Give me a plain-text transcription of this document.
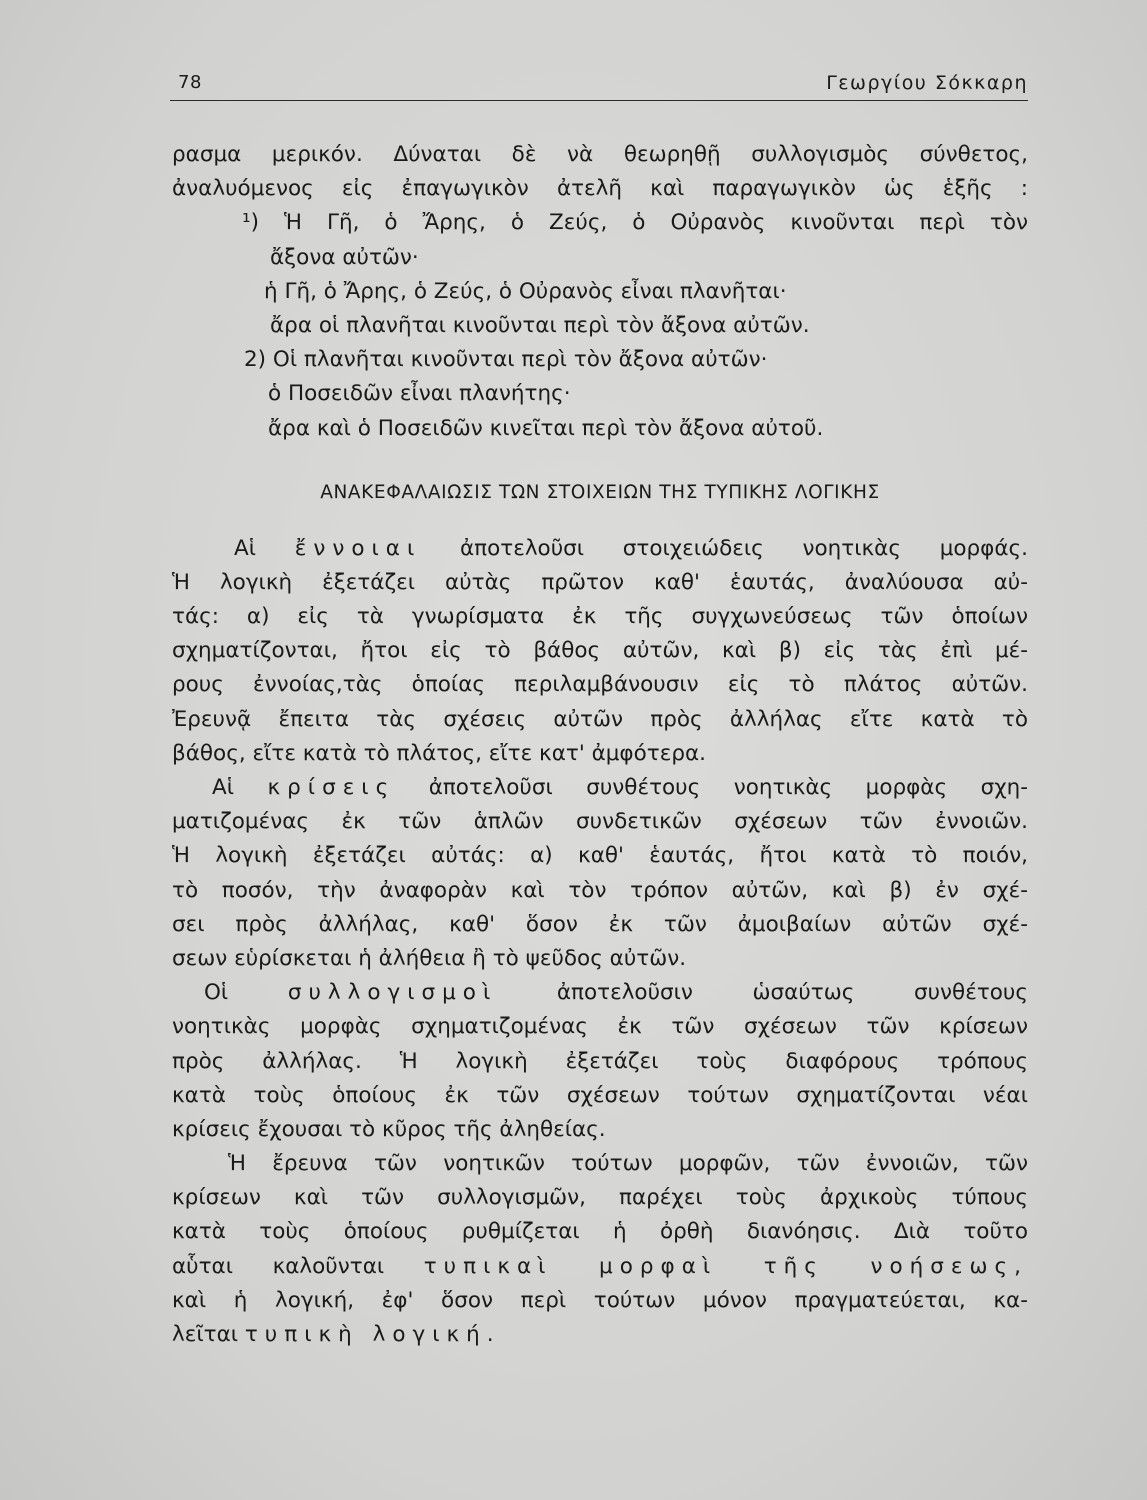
78	Γεωργίου Σόκκαρη
ρασμα μερικόν. Δύναται δὲ νὰ θεωρηθῇ συλλογισμὸς σύνθετος,
ἀναλυόμενος εἰς ἐπαγωγικὸν ἀτελῆ καὶ παραγωγικὸν ὡς ἑξῆς :
¹) Ἡ Γῆ, ὁ Ἄρης, ὁ Ζεύς, ὁ Οὐρανὸς κινοῦνται περὶ τὸν
ἄξονα αὐτῶν·
ἡ Γῆ, ὁ Ἄρης, ὁ Ζεύς, ὁ Οὐρανὸς εἶναι πλανῆται·
ἄρα οἱ πλανῆται κινοῦνται περὶ τὸν ἄξονα αὐτῶν.
2) Οἱ πλανῆται κινοῦνται περὶ τὸν ἄξονα αὐτῶν·
ὁ Ποσειδῶν εἶναι πλανήτης·
ἄρα καὶ ὁ Ποσειδῶν κινεῖται περὶ τὸν ἄξονα αὐτοῦ.
ΑΝΑΚΕΦΑΛΑΙΩΣΙΣ ΤΩΝ ΣΤΟΙΧΕΙΩΝ ΤΗΣ ΤΥΠΙΚΗΣ ΛΟΓΙΚΗΣ
Αἱ ἔννοιαι ἀποτελοῦσι στοιχειώδεις νοητικὰς μορφάς.
Ἡ λογικὴ ἐξετάζει αὐτὰς πρῶτον καθ' ἑαυτάς, ἀναλύουσα αὐ-
τάς: α) εἰς τὰ γνωρίσματα ἐκ τῆς συγχωνεύσεως τῶν ὁποίων
σχηματίζονται, ἤτοι εἰς τὸ βάθος αὐτῶν, καὶ β) εἰς τὰς ἐπὶ μέ-
ρους ἐννοίας,τὰς ὁποίας περιλαμβάνουσιν εἰς τὸ πλάτος αὐτῶν.
Ἐρευνᾷ ἔπειτα τὰς σχέσεις αὐτῶν πρὸς ἀλλήλας εἴτε κατὰ τὸ
βάθος, εἴτε κατὰ τὸ πλάτος, εἴτε κατ' ἀμφότερα.
Αἱ κρίσεις ἀποτελοῦσι συνθέτους νοητικὰς μορφὰς σχη-
ματιζομένας ἐκ τῶν ἁπλῶν συνδετικῶν σχέσεων τῶν ἐννοιῶν.
Ἡ λογικὴ ἐξετάζει αὐτάς: α) καθ' ἑαυτάς, ἤτοι κατὰ τὸ ποιόν,
τὸ ποσόν, τὴν ἀναφορὰν καὶ τὸν τρόπον αὐτῶν, καὶ β) ἐν σχέ-
σει πρὸς ἀλλήλας, καθ' ὅσον ἐκ τῶν ἀμοιβαίων αὐτῶν σχέ-
σεων εὑρίσκεται ἡ ἀλήθεια ἢ τὸ ψεῦδος αὐτῶν.
Οἱ συλλογισμοὶ ἀποτελοῦσιν ὡσαύτως συνθέτους
νοητικὰς μορφὰς σχηματιζομένας ἐκ τῶν σχέσεων τῶν κρίσεων
πρὸς ἀλλήλας. Ἡ λογικὴ ἐξετάζει τοὺς διαφόρους τρόπους
κατὰ τοὺς ὁποίους ἐκ τῶν σχέσεων τούτων σχηματίζονται νέαι
κρίσεις ἔχουσαι τὸ κῦρος τῆς ἀληθείας.
Ἡ ἔρευνα τῶν νοητικῶν τούτων μορφῶν, τῶν ἐννοιῶν, τῶν
κρίσεων καὶ τῶν συλλογισμῶν, παρέχει τοὺς ἀρχικοὺς τύπους
κατὰ τοὺς ὁποίους ρυθμίζεται ἡ ὀρθὴ διανόησις. Διὰ τοῦτο
αὗται καλοῦνται τυπικαὶ μορφαὶ τῆς νοήσεως,
καὶ ἡ λογική, ἐφ' ὅσον περὶ τούτων μόνον πραγματεύεται, κα-
λεῖται τυπικὴ λογική.
